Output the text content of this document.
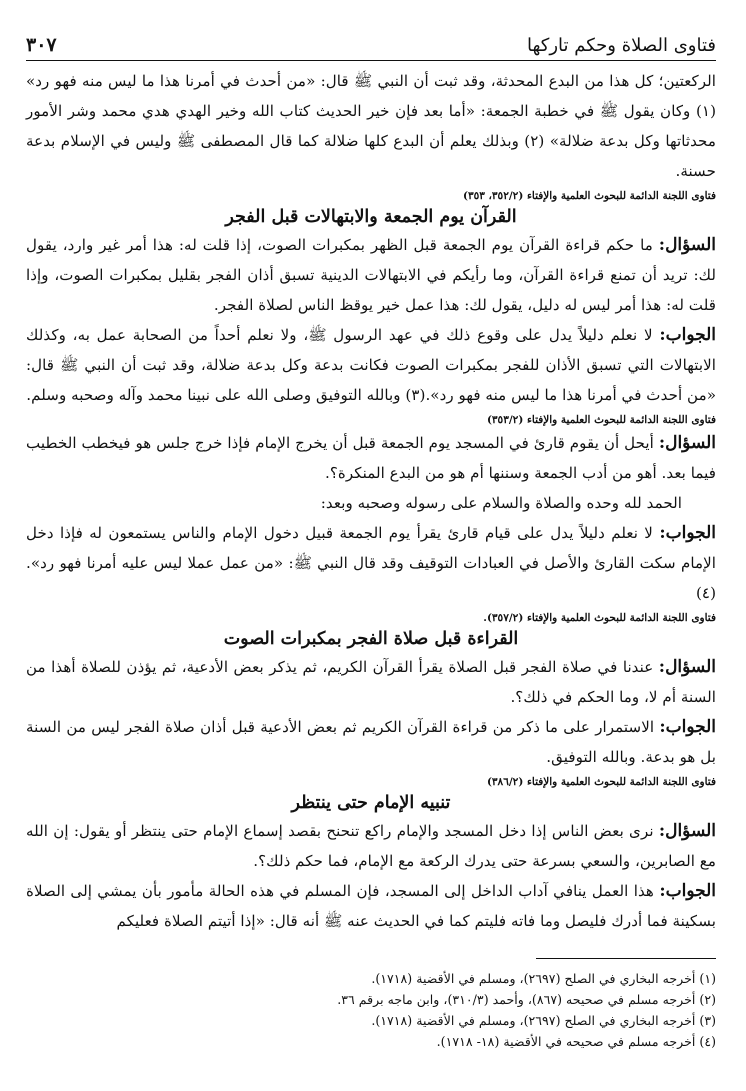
فتاوى الصلاة وحكم تاركها
٣٠٧

الركعتين؛ كل هذا من البدع المحدثة، وقد ثبت أن النبي ﷺ قال: «من أحدث في أمرنا هذا ما ليس منه فهو رد» (١) وكان يقول ﷺ في خطبة الجمعة: «أما بعد فإن خير الحديث كتاب الله وخير الهدي هدي محمد وشر الأمور محدثاتها وكل بدعة ضلالة» (٢) وبذلك يعلم أن البدع كلها ضلالة كما قال المصطفى ﷺ وليس في الإسلام بدعة حسنة.

فتاوى اللجنة الدائمة للبحوث العلمية والإفتاء (٣٥٢/٢، ٣٥٣)
القرآن يوم الجمعة والابتهالات قبل الفجر

السؤال: ما حكم قراءة القرآن يوم الجمعة قبل الظهر بمكبرات الصوت، إذا قلت له: هذا أمر غير وارد، يقول لك: تريد أن تمنع قراءة القرآن، وما رأيكم في الابتهالات الدينية تسبق أذان الفجر بقليل بمكبرات الصوت، وإذا قلت له: هذا أمر ليس له دليل، يقول لك: هذا عمل خير يوقظ الناس لصلاة الفجر.

الجواب: لا نعلم دليلاً يدل على وقوع ذلك في عهد الرسول ﷺ، ولا نعلم أحداً من الصحابة عمل به، وكذلك الابتهالات التي تسبق الأذان للفجر بمكبرات الصوت فكانت بدعة وكل بدعة ضلالة، وقد ثبت أن النبي ﷺ قال: «من أحدث في أمرنا هذا ما ليس منه فهو رد».(٣) وبالله التوفيق وصلى الله على نبينا محمد وآله وصحبه وسلم.

فتاوى اللجنة الدائمة للبحوث العلمية والإفتاء (٣٥٣/٢)

السؤال: أيحل أن يقوم قارئ في المسجد يوم الجمعة قبل أن يخرج الإمام فإذا خرج جلس هو فيخطب الخطيب فيما بعد. أهو من أدب الجمعة وسننها أم هو من البدع المنكرة؟.

الحمد لله وحده والصلاة والسلام على رسوله وصحبه وبعد:

الجواب: لا نعلم دليلاً يدل على قيام قارئ يقرأ يوم الجمعة قبيل دخول الإمام والناس يستمعون له فإذا دخل الإمام سكت القارئ والأصل في العبادات التوقيف وقد قال النبي ﷺ: «من عمل عملا ليس عليه أمرنا فهو رد».(٤)

فتاوى اللجنة الدائمة للبحوث العلمية والإفتاء (٣٥٧/٢).
القراءة قبل صلاة الفجر بمكبرات الصوت

السؤال: عندنا في صلاة الفجر قبل الصلاة يقرأ القرآن الكريم، ثم يذكر بعض الأدعية، ثم يؤذن للصلاة أهذا من السنة أم لا، وما الحكم في ذلك؟.

الجواب: الاستمرار على ما ذكر من قراءة القرآن الكريم ثم بعض الأدعية قبل أذان صلاة الفجر ليس من السنة بل هو بدعة. وبالله التوفيق.

فتاوى اللجنة الدائمة للبحوث العلمية والإفتاء (٣٨٦/٢)
تنبيه الإمام حتى ينتظر

السؤال: نرى بعض الناس إذا دخل المسجد والإمام راكع تنحنح بقصد إسماع الإمام حتى ينتظر أو يقول: إن الله مع الصابرين، والسعي بسرعة حتى يدرك الركعة مع الإمام، فما حكم ذلك؟.

الجواب: هذا العمل ينافي آداب الداخل إلى المسجد، فإن المسلم في هذه الحالة مأمور بأن يمشي إلى الصلاة بسكينة فما أدرك فليصل وما فاته فليتم كما في الحديث عنه ﷺ أنه قال: «إذا أتيتم الصلاة فعليكم

(١) أخرجه البخاري في الصلح (٢٦٩٧)، ومسلم في الأقضية (١٧١٨).

(٢) أخرجه مسلم في صحيحه (٨٦٧)، وأحمد (٣١٠/٣)، وابن ماجه برقم ٣٦.

(٣) أخرجه البخاري في الصلح (٢٦٩٧)، ومسلم في الأقضية (١٧١٨).

(٤) أخرجه مسلم في صحيحه في الأقضية (١٨- ١٧١٨).
